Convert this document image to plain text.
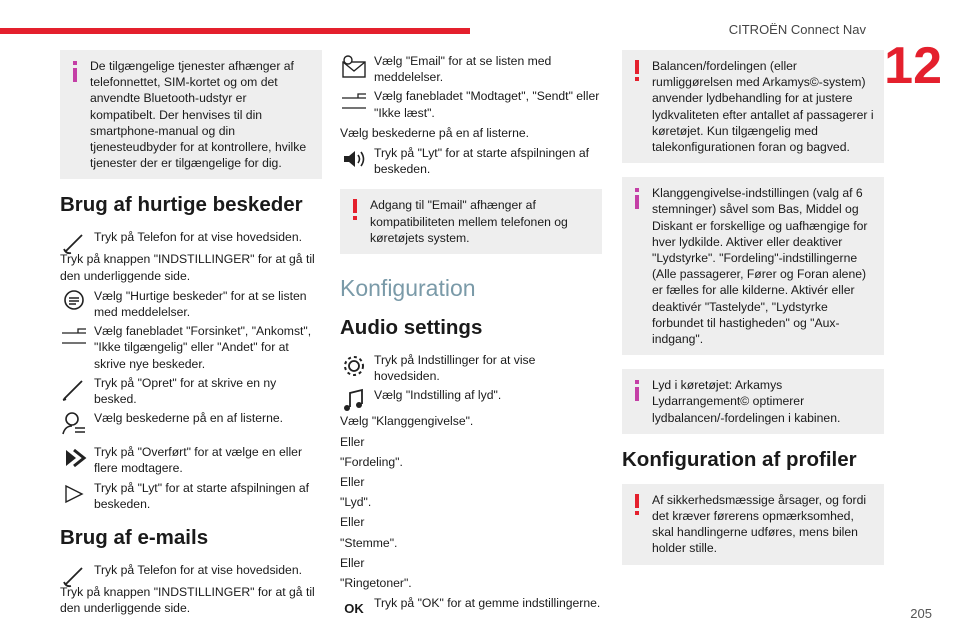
CITROËN Connect Nav
12
205
De tilgængelige tjenester afhænger af telefonnettet, SIM-kortet og om det anvendte Bluetooth-udstyr er kompatibelt. Der henvises til din smartphone-manual og din tjenesteudbyder for at kontrollere, hvilke tjenester der er tilgængelige for dig.
Brug af hurtige beskeder
Tryk på Telefon for at vise hovedsiden.

Tryk på knappen "INDSTILLINGER" for at gå til den underliggende side.

Vælg "Hurtige beskeder" for at se listen med meddelelser.
Vælg fanebladet "Forsinket", "Ankomst", "Ikke tilgængelig" eller "Andet" for at skrive nye beskeder.
Tryk på "Opret" for at skrive en ny besked.
Vælg beskederne på en af listerne.
Tryk på "Overført" for at vælge en eller flere modtagere.
Tryk på "Lyt" for at starte afspilningen af beskeden.
Brug af e-mails
Tryk på Telefon for at vise hovedsiden.

Tryk på knappen "INDSTILLINGER" for at gå til den underliggende side.

Vælg "Email" for at se listen med meddelelser.
Vælg fanebladet "Modtaget", "Sendt" eller "Ikke læst".

Vælg beskederne på en af listerne.

Tryk på "Lyt" for at starte afspilningen af beskeden.
Adgang til "Email" afhænger af kompatibiliteten mellem telefonen og køretøjets system.
Konfiguration
Audio settings
Tryk på Indstillinger for at vise hovedsiden.
Vælg "Indstilling af lyd".

Vælg "Klanggengivelse".

Eller

"Fordeling".

Eller

"Lyd".

Eller

"Stemme".

Eller

"Ringetoner".

OK Tryk på "OK" for at gemme indstillingerne.
Balancen/fordelingen (eller rumliggørelsen med Arkamys©-system) anvender lydbehandling for at justere lydkvaliteten efter antallet af passagerer i køretøjet. Kun tilgængelig med talekonfigurationen foran og bagved.
Klanggengivelse-indstillingen (valg af 6 stemninger) såvel som Bas, Middel og Diskant er forskellige og uafhængige for hver lydkilde. Aktiver eller deaktiver "Lydstyrke". "Fordeling"-indstillingerne (Alle passagerer, Fører og Foran alene) er fælles for alle kilderne. Aktivér eller deaktivér "Tastelyde", "Lydstyrke forbundet til hastigheden" og "Aux-indgang".
Lyd i køretøjet: Arkamys Lydarrangement© optimerer lydbalancen/-fordelingen i kabinen.
Konfiguration af profiler
Af sikkerhedsmæssige årsager, og fordi det kræver førerens opmærksomhed, skal handlingerne udføres, mens bilen holder stille.
